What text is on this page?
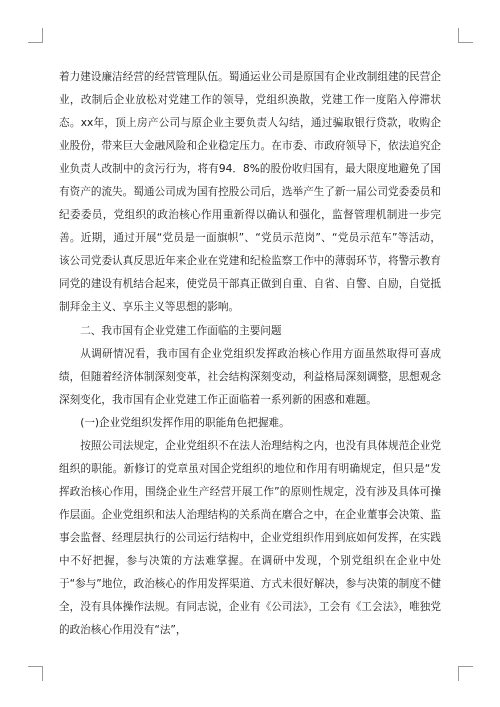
着力建设廉洁经营的经营管理队伍。蜀通运业公司是原国有企业改制组建的民营企业，改制后企业放松对党建工作的领导，党组织涣散，党建工作一度陷入停滞状态。xx年，顶上房产公司与原企业主要负责人勾结，通过骗取银行贷款，收购企业股份，带来巨大金融风险和企业稳定压力。在市委、市政府领导下，依法追究企业负责人改制中的贪污行为，将有94．8%的股份收归国有，最大限度地避免了国有资产的流失。蜀通公司成为国有控股公司后，选举产生了新一届公司党委委员和纪委委员，党组织的政治核心作用重新得以确认和强化，监督管理机制进一步完善。近期，通过开展“党员是一面旗帜”、“党员示范岗”、“党员示范车”等活动，该公司党委认真反思近年来企业在党建和纪检监察工作中的薄弱环节，将警示教育同党的建设有机结合起来，使党员干部真正做到自重、自省、自警、自励，自觉抵制拜金主义、享乐主义等思想的影响。

二、我市国有企业党建工作面临的主要问题

从调研情况看，我市国有企业党组织发挥政治核心作用方面虽然取得可喜成绩，但随着经济体制深刻变革，社会结构深刻变动，利益格局深刻调整，思想观念深刻变化，我市国有企业党建工作正面临着一系列新的困惑和难题。

(一)企业党组织发挥作用的职能角色把握难。

按照公司法规定，企业党组织不在法人治理结构之内，也没有具体规范企业党组织的职能。新修订的党章虽对国企党组织的地位和作用有明确规定，但只是“发挥政治核心作用，围绕企业生产经营开展工作”的原则性规定，没有涉及具体可操作层面。企业党组织和法人治理结构的关系尚在磨合之中，在企业董事会决策、监事会监督、经理层执行的公司运行结构中，企业党组织作用到底如何发挥，在实践中不好把握，参与决策的方法难掌握。在调研中发现，个别党组织在企业中处于“参与”地位，政治核心的作用发挥渠道、方式未很好解决，参与决策的制度不健全，没有具体操作法规。有同志说，企业有《公司法》，工会有《工会法》，唯独党的政治核心作用没有“法”，
